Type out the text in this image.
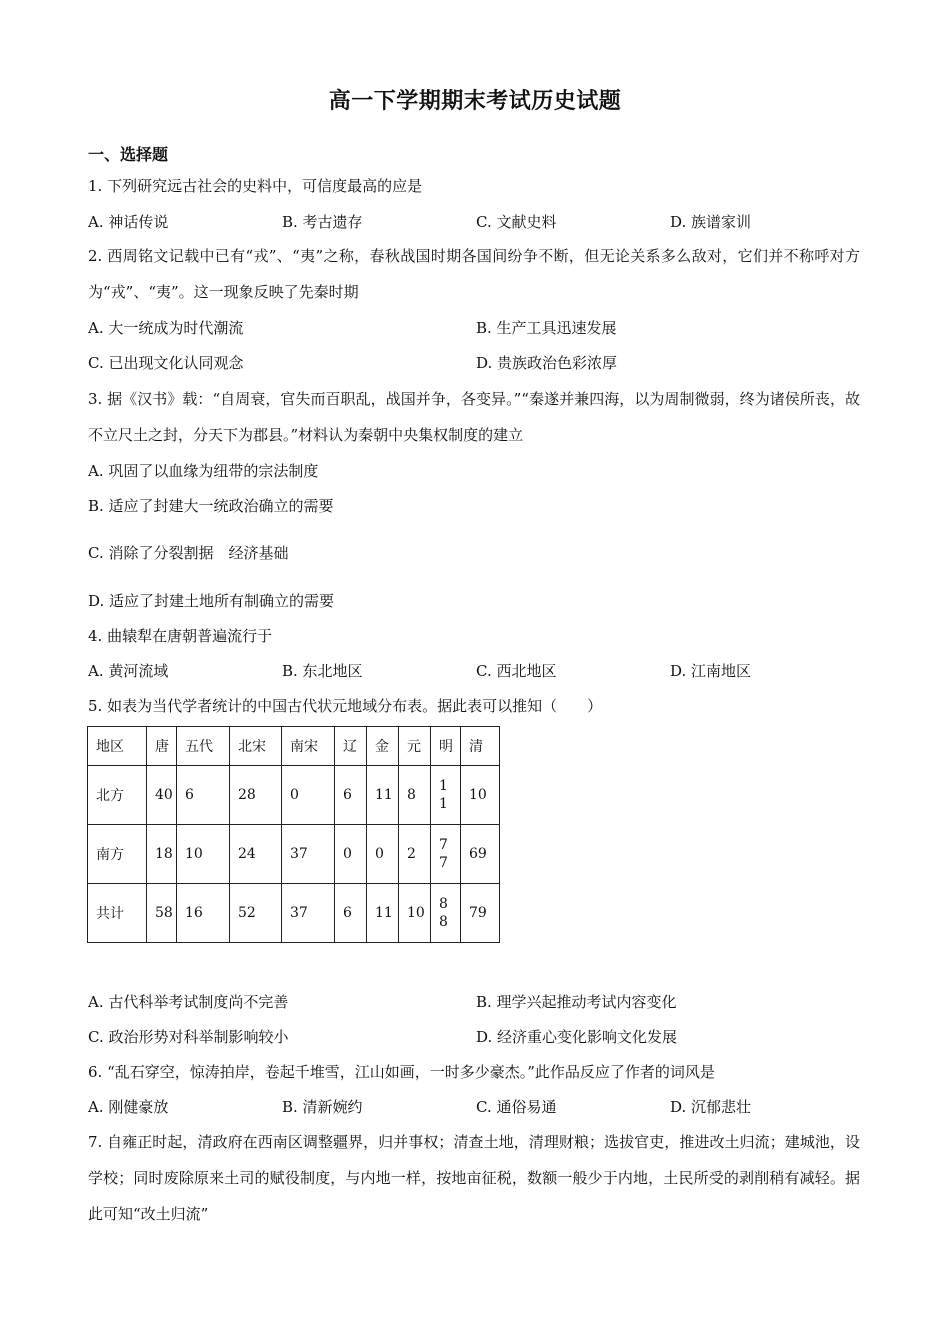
高一下学期期末考试历史试题
一、选择题
1. 下列研究远古社会的史料中，可信度最高的应是
A. 神话传说	B. 考古遗存	C. 文献史料	D. 族谱家训
2. 西周铭文记载中已有“戎”、“夷”之称，春秋战国时期各国间纷争不断，但无论关系多么敌对，它们并不称呼对方为“戎”、“夷”。这一现象反映了先秦时期
A. 大一统成为时代潮流	B. 生产工具迅速发展
C. 已出现文化认同观念	D. 贵族政治色彩浓厚
3. 据《汉书》载：“自周衰，官失而百职乱，战国并争，各变异。”“秦遂并兼四海，以为周制微弱，终为诸侯所丧，故不立尺土之封，分天下为郡县。”材料认为秦朝中央集权制度的建立
A. 巩固了以血缘为纽带的宗法制度
B. 适应了封建大一统政治确立的需要
C. 消除了分裂割据　经济基础
D. 适应了封建土地所有制确立的需要
4. 曲辕犁在唐朝普遍流行于
A. 黄河流域	B. 东北地区	C. 西北地区	D. 江南地区
5. 如表为当代学者统计的中国古代状元地域分布表。据此表可以推知（　　）
地区	唐	五代	北宋	南宋	辽	金	元	明	清
北方	40	6	28	0	6	11	8	1 1	10
南方	18	10	24	37	0	0	2	7 7	69
共计	58	16	52	37	6	11	10	8 8	79
A. 古代科举考试制度尚不完善	B. 理学兴起推动考试内容变化
C. 政治形势对科举制影响较小	D. 经济重心变化影响文化发展
6. “乱石穿空，惊涛拍岸，卷起千堆雪，江山如画，一时多少豪杰。”此作品反应了作者的词风是
A. 刚健豪放	B. 清新婉约	C. 通俗易通	D. 沉郁悲壮
7. 自雍正时起，清政府在西南区调整疆界，归并事权；清查土地，清理财粮；选拔官吏，推进改土归流；建城池，设学校；同时废除原来土司的赋役制度，与内地一样，按地亩征税，数额一般少于内地，土民所受的剥削稍有减轻。据此可知“改土归流”
